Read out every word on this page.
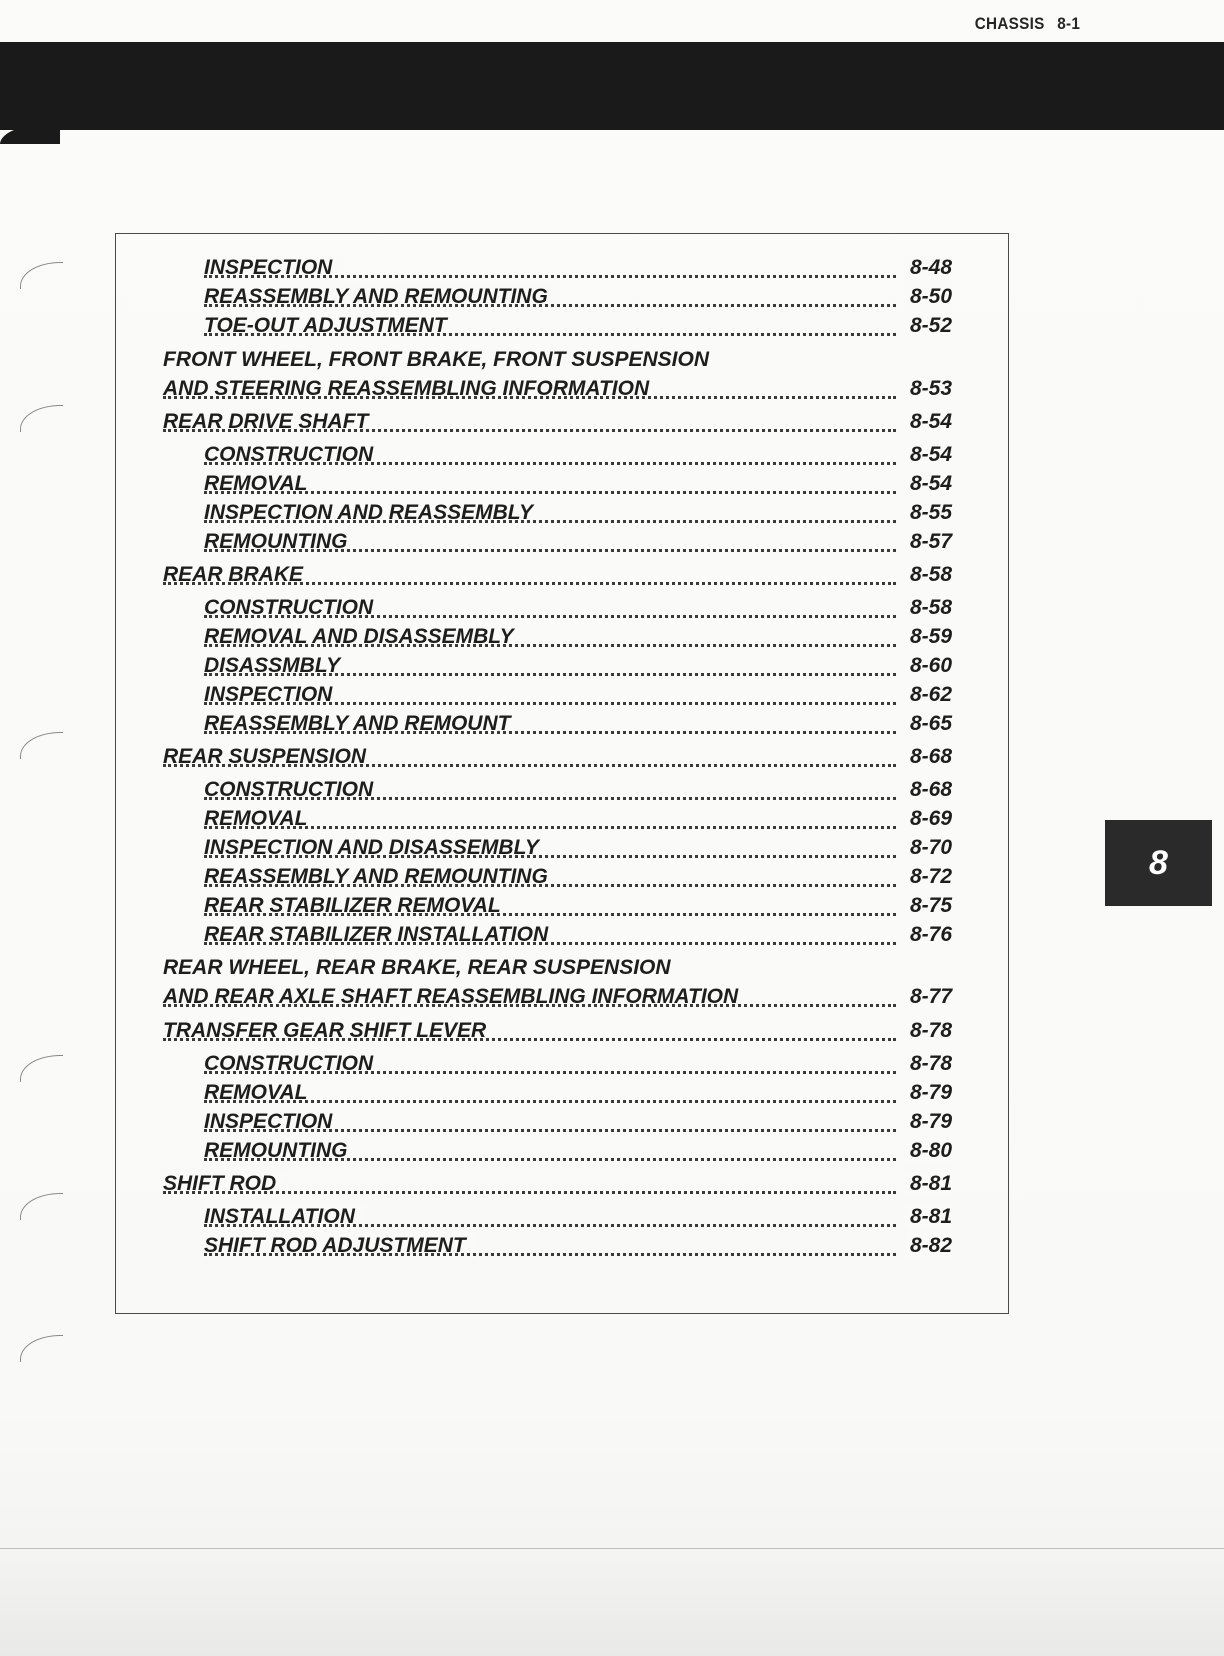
CHASSIS 8-1
INSPECTION	8-48
REASSEMBLY AND REMOUNTING	8-50
TOE-OUT ADJUSTMENT	8-52
FRONT WHEEL, FRONT BRAKE, FRONT SUSPENSION
AND STEERING REASSEMBLING INFORMATION	8-53
REAR DRIVE SHAFT	8-54
CONSTRUCTION	8-54
REMOVAL	8-54
INSPECTION AND REASSEMBLY	8-55
REMOUNTING	8-57
REAR BRAKE	8-58
CONSTRUCTION	8-58
REMOVAL AND DISASSEMBLY	8-59
DISASSMBLY	8-60
INSPECTION	8-62
REASSEMBLY AND REMOUNT	8-65
REAR SUSPENSION	8-68
CONSTRUCTION	8-68
REMOVAL	8-69
INSPECTION AND DISASSEMBLY	8-70
REASSEMBLY AND REMOUNTING	8-72
REAR STABILIZER REMOVAL	8-75
REAR STABILIZER INSTALLATION	8-76
REAR WHEEL, REAR BRAKE, REAR SUSPENSION
AND REAR AXLE SHAFT REASSEMBLING INFORMATION	8-77
TRANSFER GEAR SHIFT LEVER	8-78
CONSTRUCTION	8-78
REMOVAL	8-79
INSPECTION	8-79
REMOUNTING	8-80
SHIFT ROD	8-81
INSTALLATION	8-81
SHIFT ROD ADJUSTMENT	8-82
8
